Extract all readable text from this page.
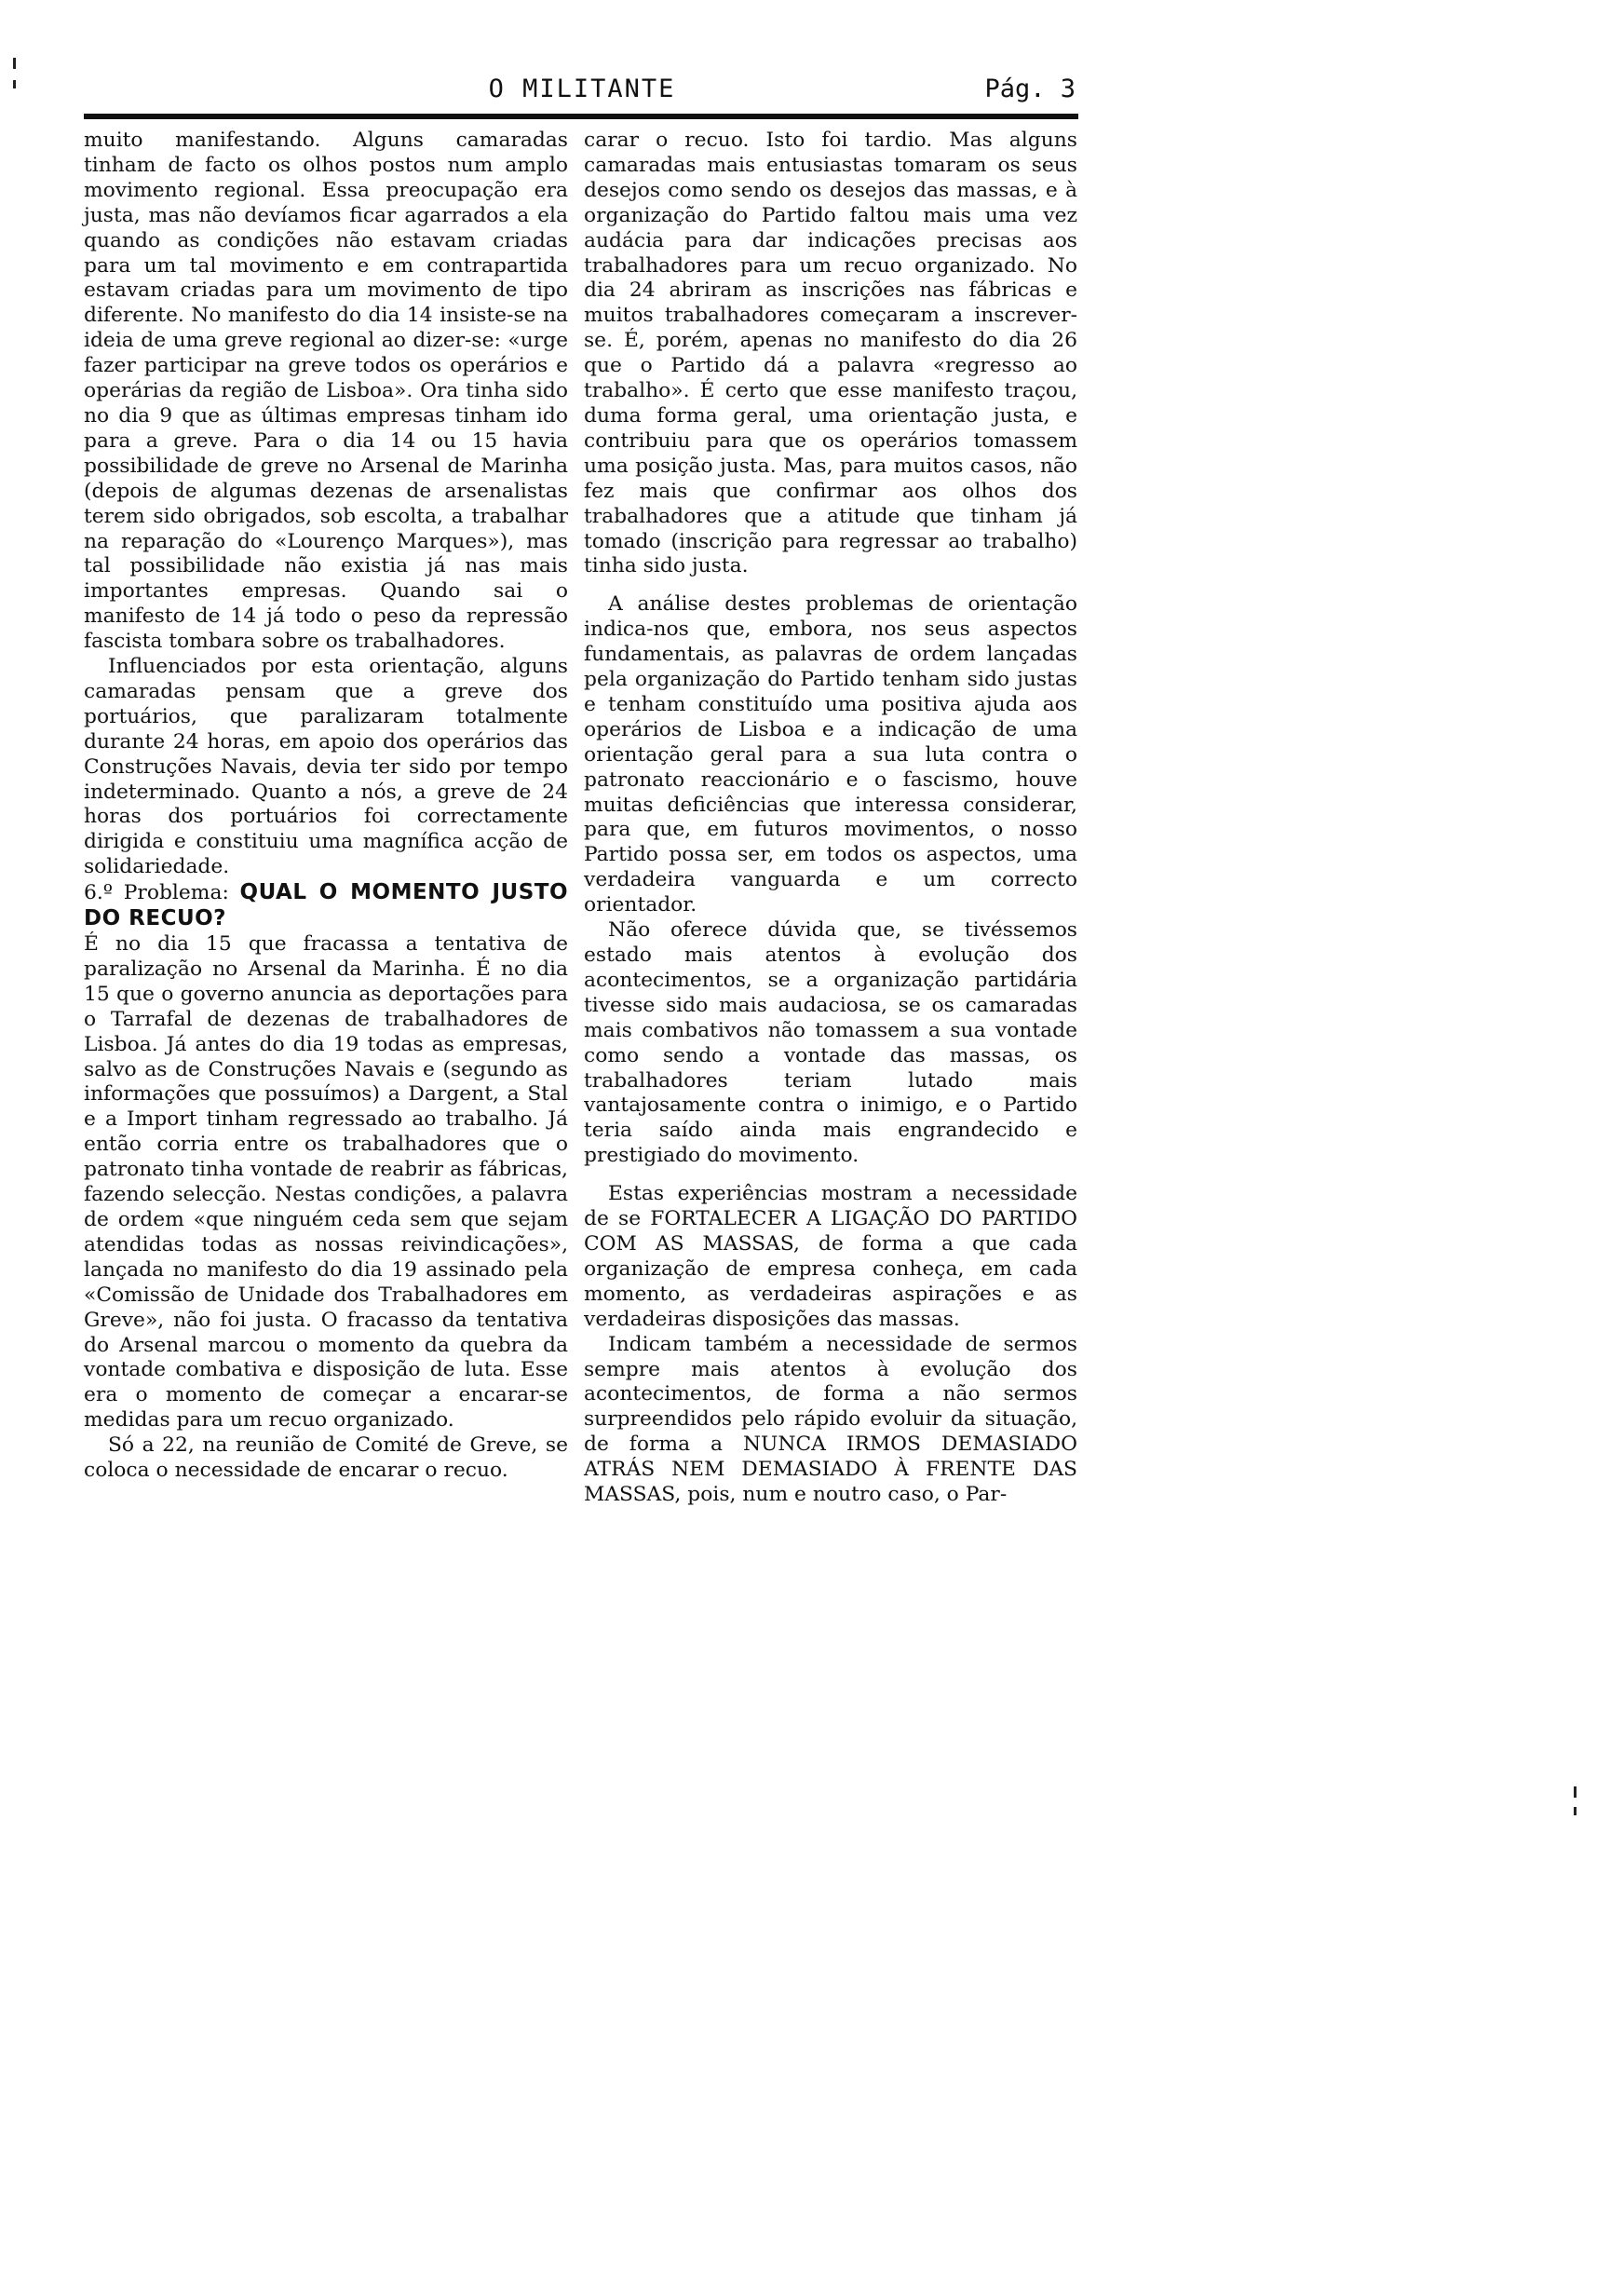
O MILITANTE	Pág. 3

muito manifestando. Alguns camaradas tinham de facto os olhos postos num amplo movimento regional. Essa preocupação era justa, mas não devíamos ficar agarrados a ela quando as condições não estavam criadas para um tal movimento e em contrapartida estavam criadas para um movimento de tipo diferente. No manifesto do dia 14 insiste-se na ideia de uma greve regional ao dizer-se: «urge fazer participar na greve todos os operários e operárias da região de Lisboa». Ora tinha sido no dia 9 que as últimas empresas tinham ido para a greve. Para o dia 14 ou 15 havia possibilidade de greve no Arsenal de Marinha (depois de algumas dezenas de arsenalistas terem sido obrigados, sob escolta, a trabalhar na reparação do «Lourenço Marques»), mas tal possibilidade não existia já nas mais importantes empresas. Quando sai o manifesto de 14 já todo o peso da repressão fascista tombara sobre os trabalhadores.

Influenciados por esta orientação, alguns camaradas pensam que a greve dos portuários, que paralizaram totalmente durante 24 horas, em apoio dos operários das Construções Navais, devia ter sido por tempo indeterminado. Quanto a nós, a greve de 24 horas dos portuários foi correctamente dirigida e constituiu uma magnífica acção de solidariedade.

6.º Problema: QUAL O MOMENTO JUSTO DO RECUO?

É no dia 15 que fracassa a tentativa de paralização no Arsenal da Marinha. É no dia 15 que o governo anuncia as deportações para o Tarrafal de dezenas de trabalhadores de Lisboa. Já antes do dia 19 todas as empresas, salvo as de Construções Navais e (segundo as informações que possuímos) a Dargent, a Stal e a Import tinham regressado ao trabalho. Já então corria entre os trabalhadores que o patronato tinha vontade de reabrir as fábricas, fazendo selecção. Nestas condições, a palavra de ordem «que ninguém ceda sem que sejam atendidas todas as nossas reivindicações», lançada no manifesto do dia 19 assinado pela «Comissão de Unidade dos Trabalhadores em Greve», não foi justa. O fracasso da tentativa do Arsenal marcou o momento da quebra da vontade combativa e disposição de luta. Esse era o momento de começar a encarar-se medidas para um recuo organizado.

Só a 22, na reunião de Comité de Greve, se coloca o necessidade de encarar o recuo.

carar o recuo. Isto foi tardio. Mas alguns camaradas mais entusiastas tomaram os seus desejos como sendo os desejos das massas, e à organização do Partido faltou mais uma vez audácia para dar indicações precisas aos trabalhadores para um recuo organizado. No dia 24 abriram as inscrições nas fábricas e muitos trabalhadores começaram a inscrever-se. É, porém, apenas no manifesto do dia 26 que o Partido dá a palavra «regresso ao trabalho». É certo que esse manifesto traçou, duma forma geral, uma orientação justa, e contribuiu para que os operários tomassem uma posição justa. Mas, para muitos casos, não fez mais que confirmar aos olhos dos trabalhadores que a atitude que tinham já tomado (inscrição para regressar ao trabalho) tinha sido justa.

A análise destes problemas de orientação indica-nos que, embora, nos seus aspectos fundamentais, as palavras de ordem lançadas pela organização do Partido tenham sido justas e tenham constituído uma positiva ajuda aos operários de Lisboa e a indicação de uma orientação geral para a sua luta contra o patronato reaccionário e o fascismo, houve muitas deficiências que interessa considerar, para que, em futuros movimentos, o nosso Partido possa ser, em todos os aspectos, uma verdadeira vanguarda e um correcto orientador.

Não oferece dúvida que, se tivéssemos estado mais atentos à evolução dos acontecimentos, se a organização partidária tivesse sido mais audaciosa, se os camaradas mais combativos não tomassem a sua vontade como sendo a vontade das massas, os trabalhadores teriam lutado mais vantajosamente contra o inimigo, e o Partido teria saído ainda mais engrandecido e prestigiado do movimento.

Estas experiências mostram a necessidade de se FORTALECER A LIGAÇÃO DO PARTIDO COM AS MASSAS, de forma a que cada organização de empresa conheça, em cada momento, as verdadeiras aspirações e as verdadeiras disposições das massas.

Indicam também a necessidade de sermos sempre mais atentos à evolução dos acontecimentos, de forma a não sermos surpreendidos pelo rápido evoluir da situação, de forma a NUNCA IRMOS DEMASIADO ATRÁS NEM DEMASIADO À FRENTE DAS MASSAS, pois, num e noutro caso, o Par-
